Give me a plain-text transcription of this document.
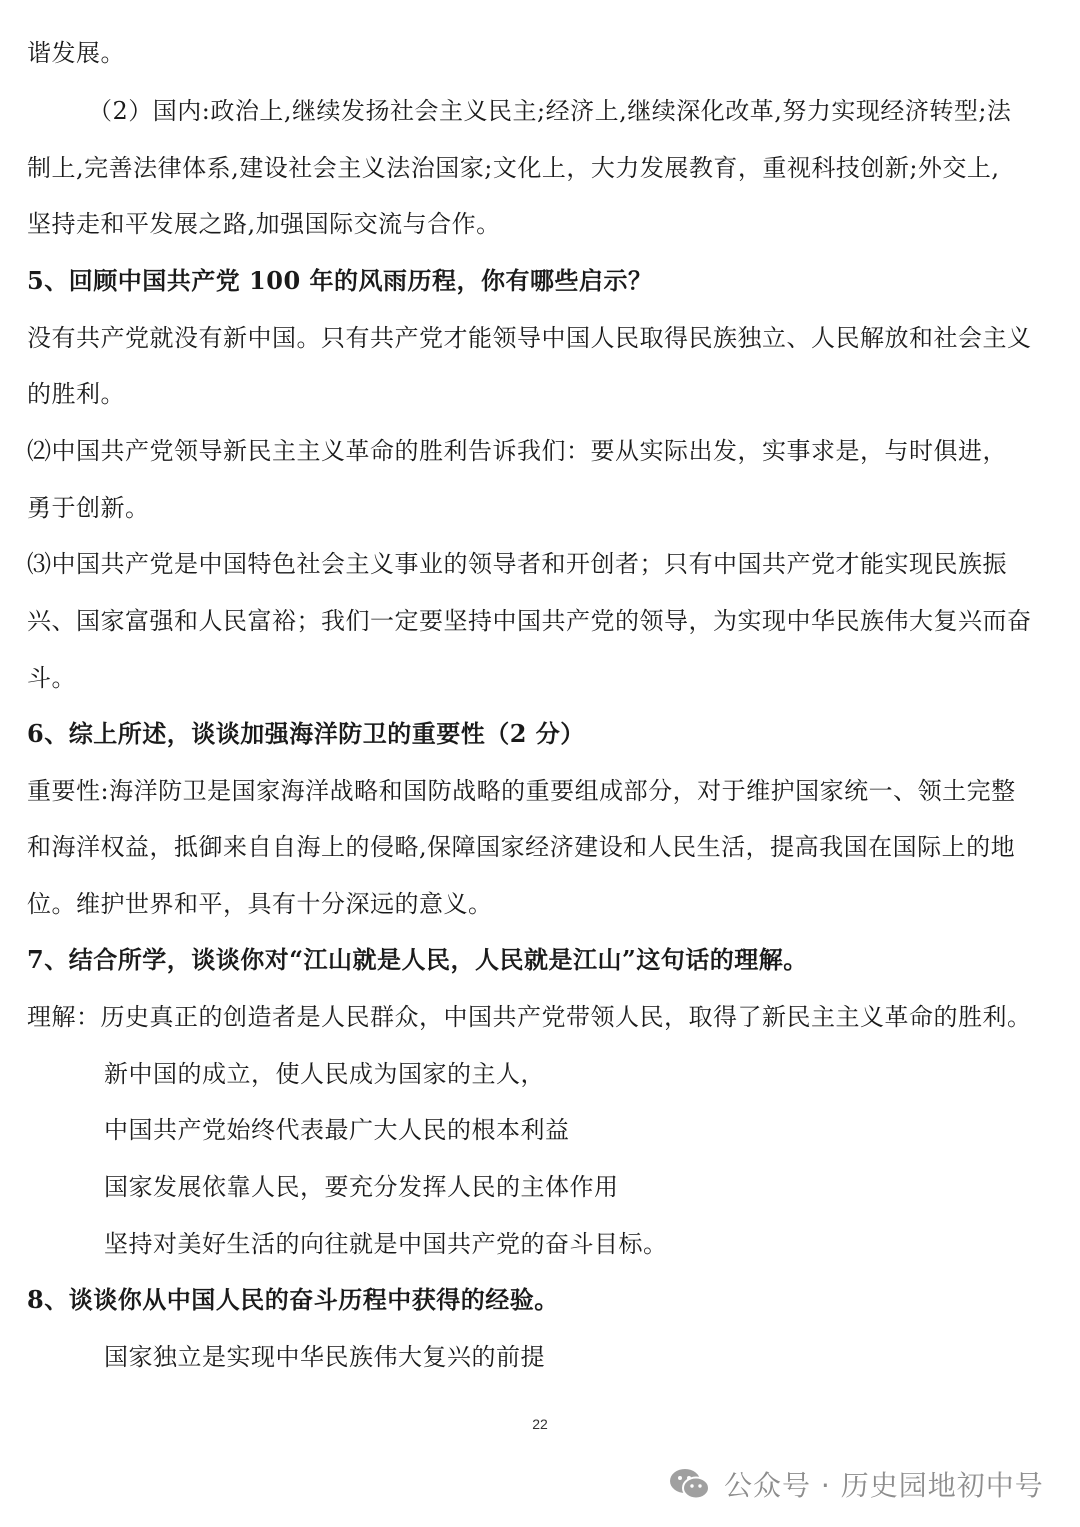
谐发展。
（2）国内:政治上,继续发扬社会主义民主;经济上,继续深化改革,努力实现经济转型;法
制上,完善法律体系,建设社会主义法治国家;文化上，大力发展教育，重视科技创新;外交上,
坚持走和平发展之路,加强国际交流与合作。
5、回顾中国共产党 100 年的风雨历程，你有哪些启示？
没有共产党就没有新中国。只有共产党才能领导中国人民取得民族独立、人民解放和社会主义
的胜利。
⑵中国共产党领导新民主主义革命的胜利告诉我们：要从实际出发，实事求是，与时俱进，
勇于创新。
⑶中国共产党是中国特色社会主义事业的领导者和开创者；只有中国共产党才能实现民族振
兴、国家富强和人民富裕；我们一定要坚持中国共产党的领导，为实现中华民族伟大复兴而奋
斗。
6、综上所述，谈谈加强海洋防卫的重要性（2 分）
重要性:海洋防卫是国家海洋战略和国防战略的重要组成部分，对于维护国家统一、领土完整
和海洋权益，抵御来自自海上的侵略,保障国家经济建设和人民生活，提高我国在国际上的地
位。维护世界和平，具有十分深远的意义。
7、结合所学，谈谈你对“江山就是人民，人民就是江山”这句话的理解。
理解：历史真正的创造者是人民群众，中国共产党带领人民，取得了新民主主义革命的胜利。
新中国的成立，使人民成为国家的主人，
中国共产党始终代表最广大人民的根本利益
国家发展依靠人民，要充分发挥人民的主体作用
坚持对美好生活的向往就是中国共产党的奋斗目标。
8、谈谈你从中国人民的奋斗历程中获得的经验。
国家独立是实现中华民族伟大复兴的前提
22
公众号 · 历史园地初中号
